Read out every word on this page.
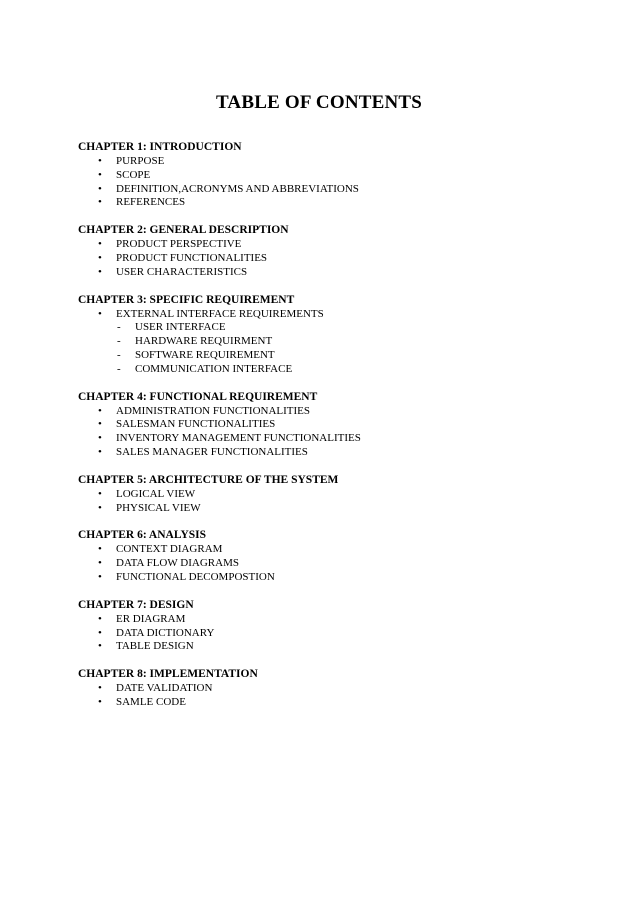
TABLE OF CONTENTS
CHAPTER 1: INTRODUCTION
• PURPOSE
• SCOPE
• DEFINITION,ACRONYMS AND ABBREVIATIONS
• REFERENCES
CHAPTER 2: GENERAL DESCRIPTION
• PRODUCT PERSPECTIVE
• PRODUCT FUNCTIONALITIES
• USER CHARACTERISTICS
CHAPTER 3: SPECIFIC REQUIREMENT
• EXTERNAL INTERFACE REQUIREMENTS
- USER INTERFACE
- HARDWARE REQUIRMENT
- SOFTWARE REQUIREMENT
- COMMUNICATION INTERFACE
CHAPTER 4: FUNCTIONAL REQUIREMENT
• ADMINISTRATION FUNCTIONALITIES
• SALESMAN FUNCTIONALITIES
• INVENTORY MANAGEMENT FUNCTIONALITIES
• SALES MANAGER FUNCTIONALITIES
CHAPTER 5: ARCHITECTURE OF THE SYSTEM
• LOGICAL VIEW
• PHYSICAL VIEW
CHAPTER 6: ANALYSIS
• CONTEXT DIAGRAM
• DATA FLOW DIAGRAMS
• FUNCTIONAL DECOMPOSTION
CHAPTER 7: DESIGN
• ER DIAGRAM
• DATA DICTIONARY
• TABLE DESIGN
CHAPTER 8: IMPLEMENTATION
• DATE VALIDATION
• SAMLE CODE
